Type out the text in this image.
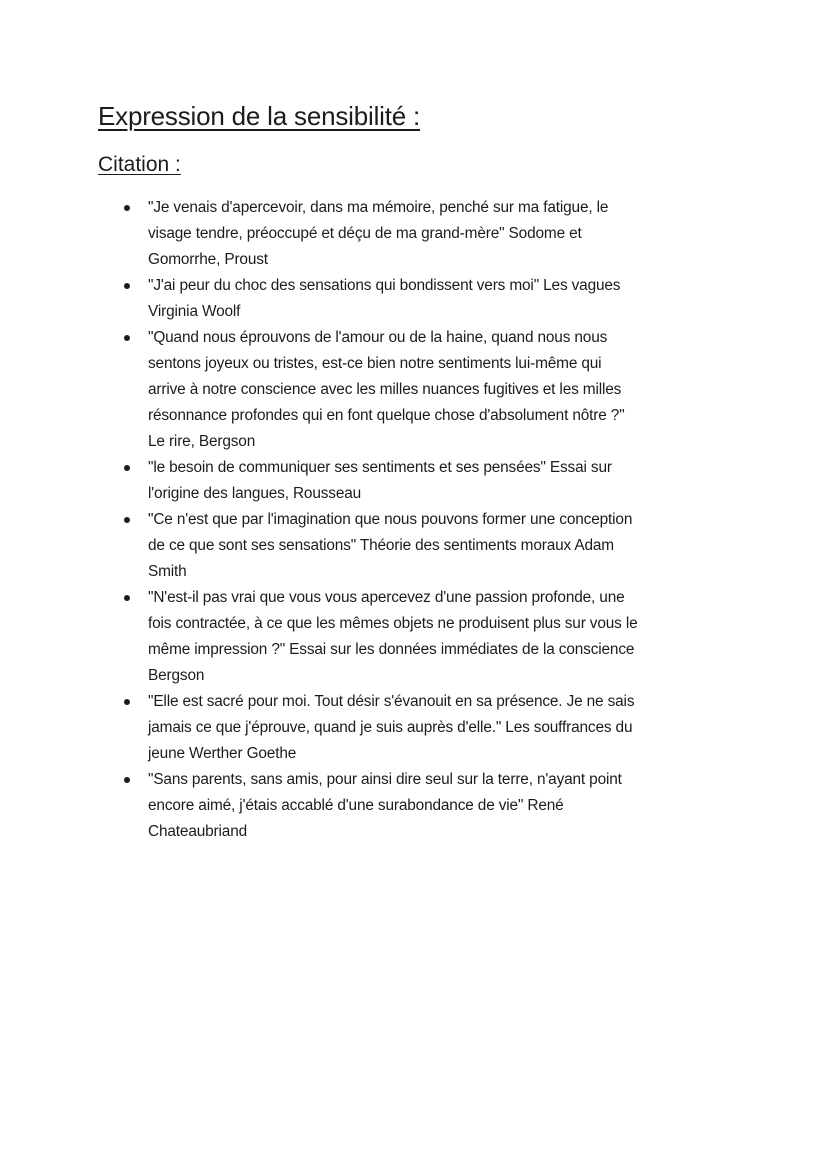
Expression de la sensibilité :
Citation :
"Je venais d'apercevoir, dans ma mémoire, penché sur ma fatigue, le
visage tendre, préoccupé et déçu de ma grand-mère" Sodome et
Gomorrhe, Proust
"J'ai peur du choc des sensations qui bondissent vers moi" Les vagues
Virginia Woolf
"Quand nous éprouvons de l'amour ou de la haine, quand nous nous
sentons joyeux ou tristes, est-ce bien notre sentiments lui-même qui
arrive à notre conscience avec les milles nuances fugitives et les milles
résonnance profondes qui en font quelque chose d'absolument nôtre ?"
Le rire, Bergson
"le besoin de communiquer ses sentiments et ses pensées" Essai sur
l'origine des langues, Rousseau
"Ce n'est que par l'imagination que nous pouvons former une conception
de ce que sont ses sensations" Théorie des sentiments moraux Adam
Smith
"N'est-il pas vrai que vous vous apercevez d'une passion profonde, une
fois contractée, à ce que les mêmes objets ne produisent plus sur vous le
même impression ?" Essai sur les données immédiates de la conscience
Bergson
"Elle est sacré pour moi. Tout désir s'évanouit en sa présence. Je ne sais
jamais ce que j'éprouve, quand je suis auprès d'elle." Les souffrances du
jeune Werther Goethe
"Sans parents, sans amis, pour ainsi dire seul sur la terre, n'ayant point
encore aimé, j'étais accablé d'une surabondance de vie" René
Chateaubriand
